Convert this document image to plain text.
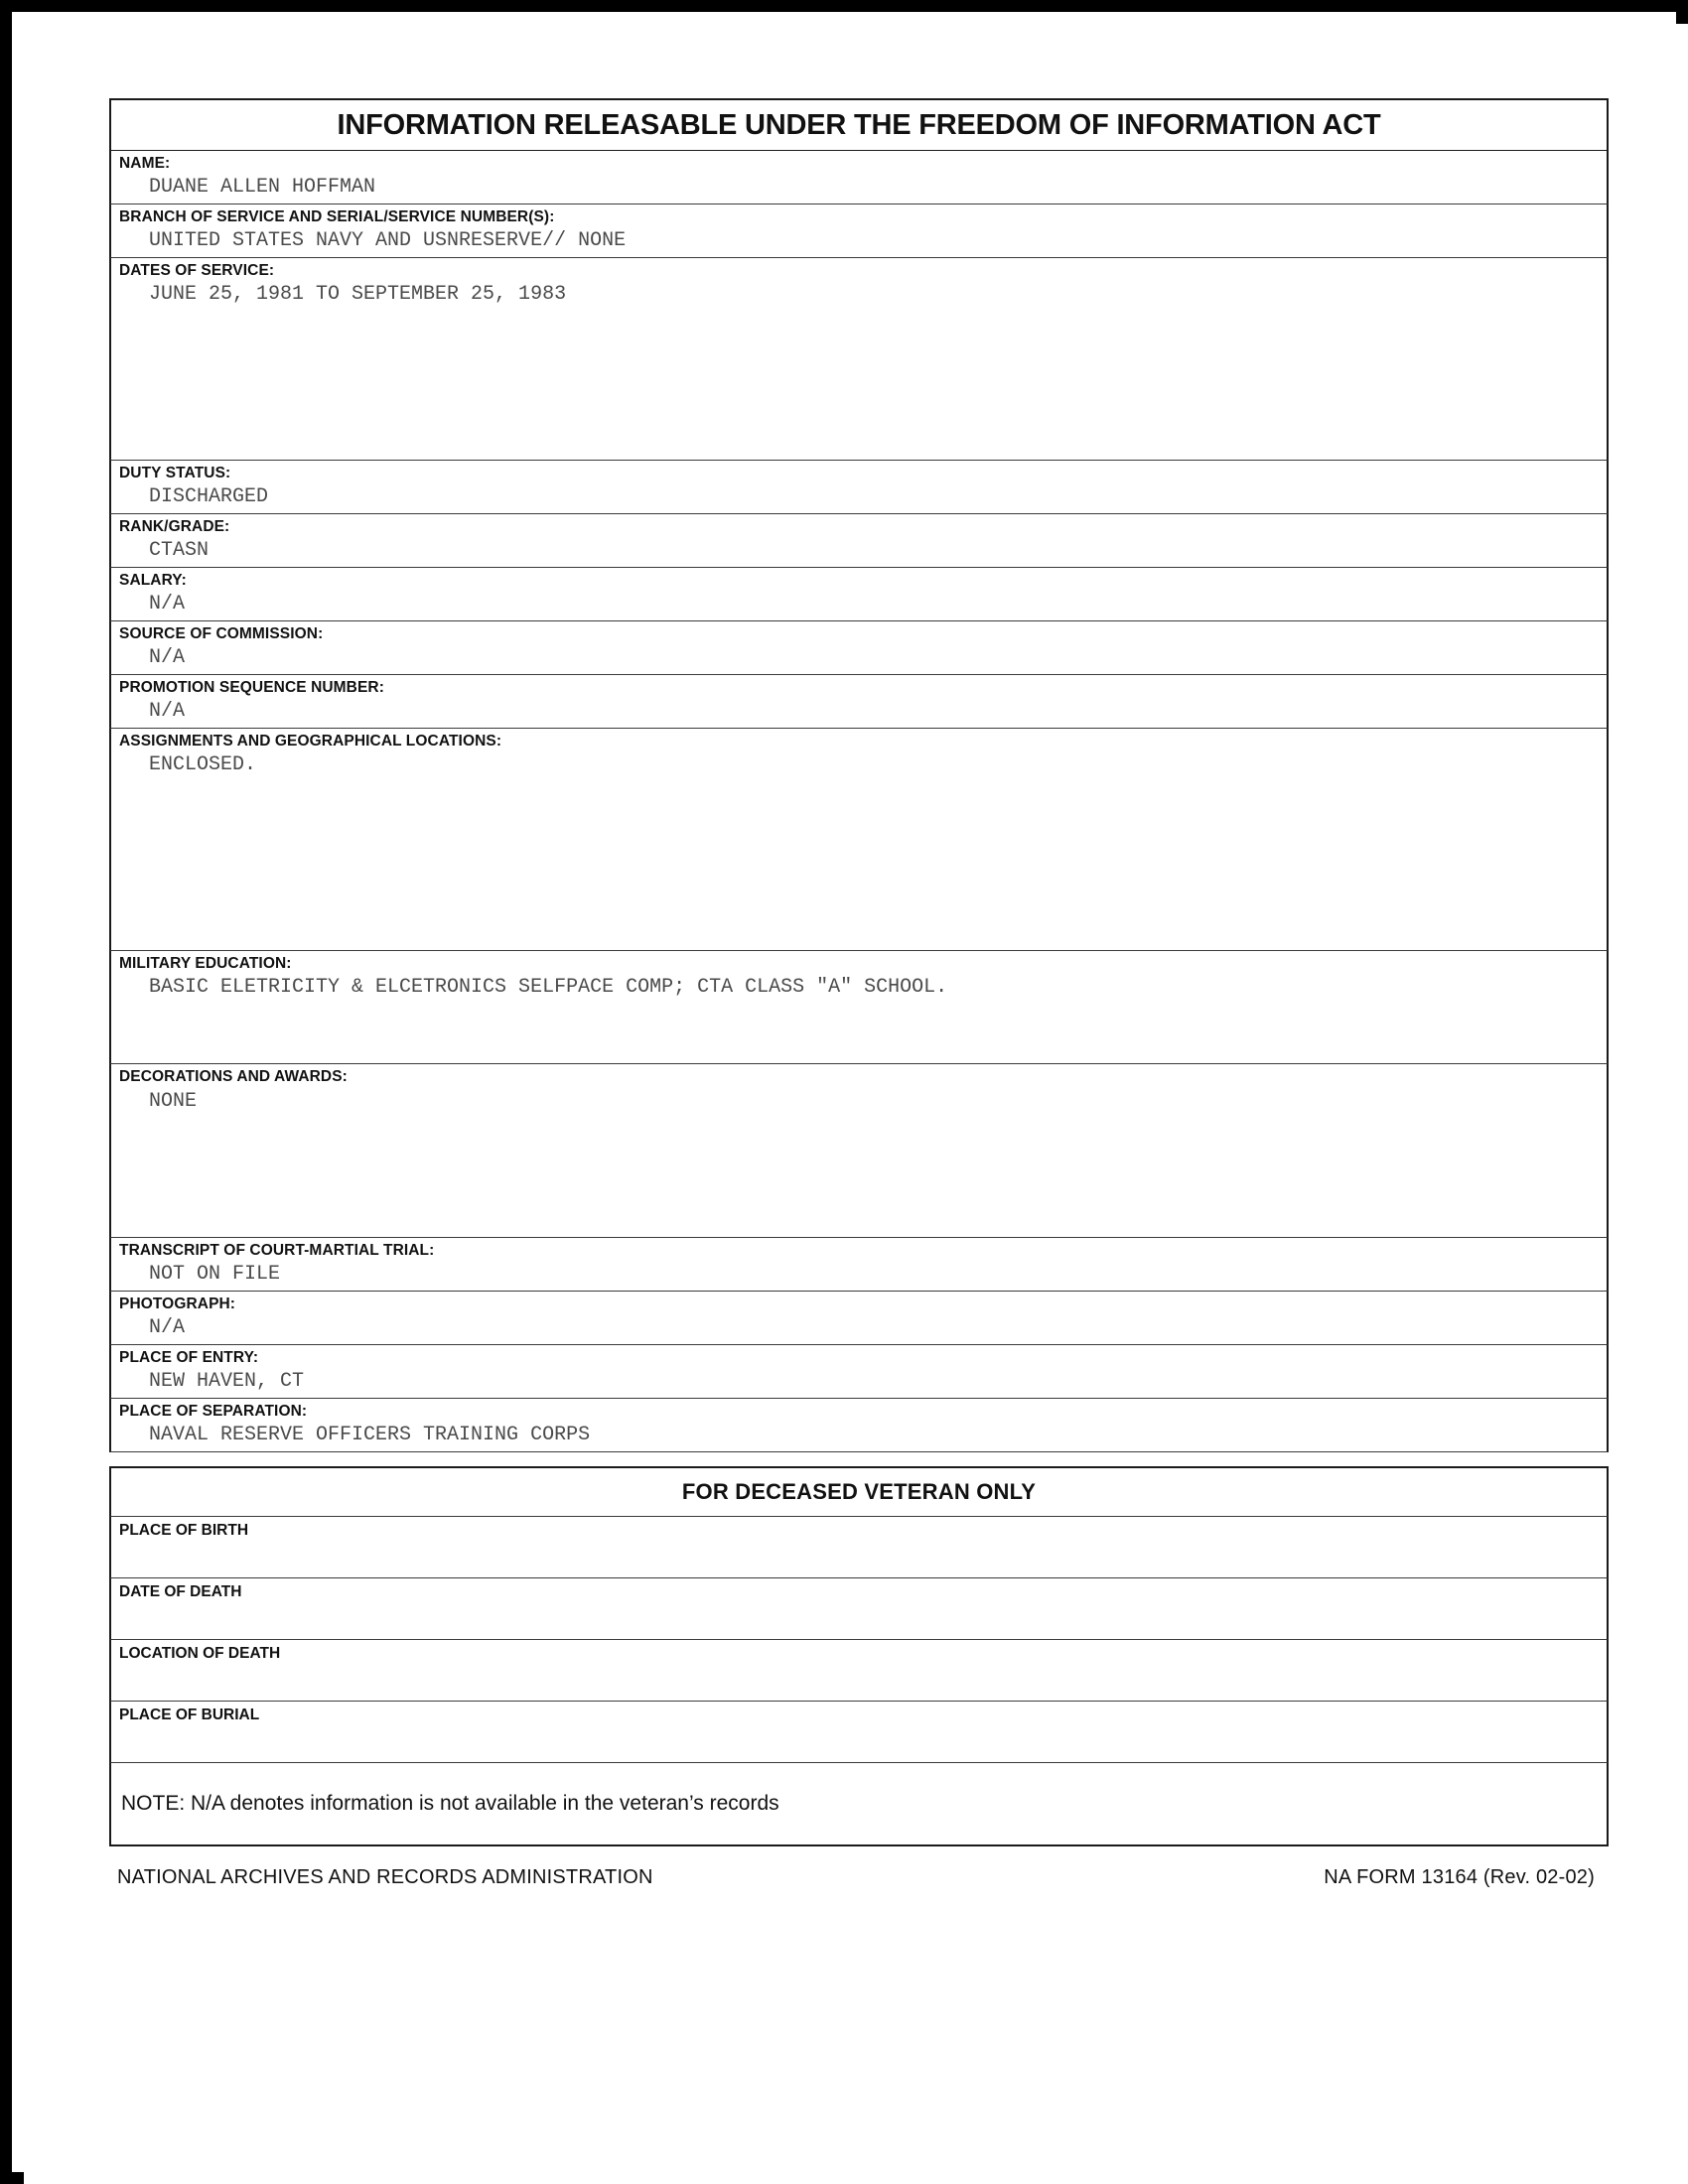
INFORMATION RELEASABLE UNDER THE FREEDOM OF INFORMATION ACT
NAME:
DUANE ALLEN HOFFMAN
BRANCH OF SERVICE AND SERIAL/SERVICE NUMBER(S):
UNITED STATES NAVY AND USNRESERVE// NONE
DATES OF SERVICE:
JUNE 25, 1981 TO SEPTEMBER 25, 1983
DUTY STATUS:
DISCHARGED
RANK/GRADE:
CTASN
SALARY:
N/A
SOURCE OF COMMISSION:
N/A
PROMOTION SEQUENCE NUMBER:
N/A
ASSIGNMENTS AND GEOGRAPHICAL LOCATIONS:
ENCLOSED.
MILITARY EDUCATION:
BASIC ELETRICITY & ELCETRONICS SELFPACE COMP; CTA CLASS "A" SCHOOL.
DECORATIONS AND AWARDS:
NONE
TRANSCRIPT OF COURT-MARTIAL TRIAL:
NOT ON FILE
PHOTOGRAPH:
N/A
PLACE OF ENTRY:
NEW HAVEN, CT
PLACE OF SEPARATION:
NAVAL RESERVE OFFICERS TRAINING CORPS
FOR DECEASED VETERAN ONLY
PLACE OF BIRTH
DATE OF DEATH
LOCATION OF DEATH
PLACE OF BURIAL
NOTE: N/A denotes information is not available in the veteran’s records
NATIONAL ARCHIVES AND RECORDS ADMINISTRATION	NA FORM 13164 (Rev. 02-02)
